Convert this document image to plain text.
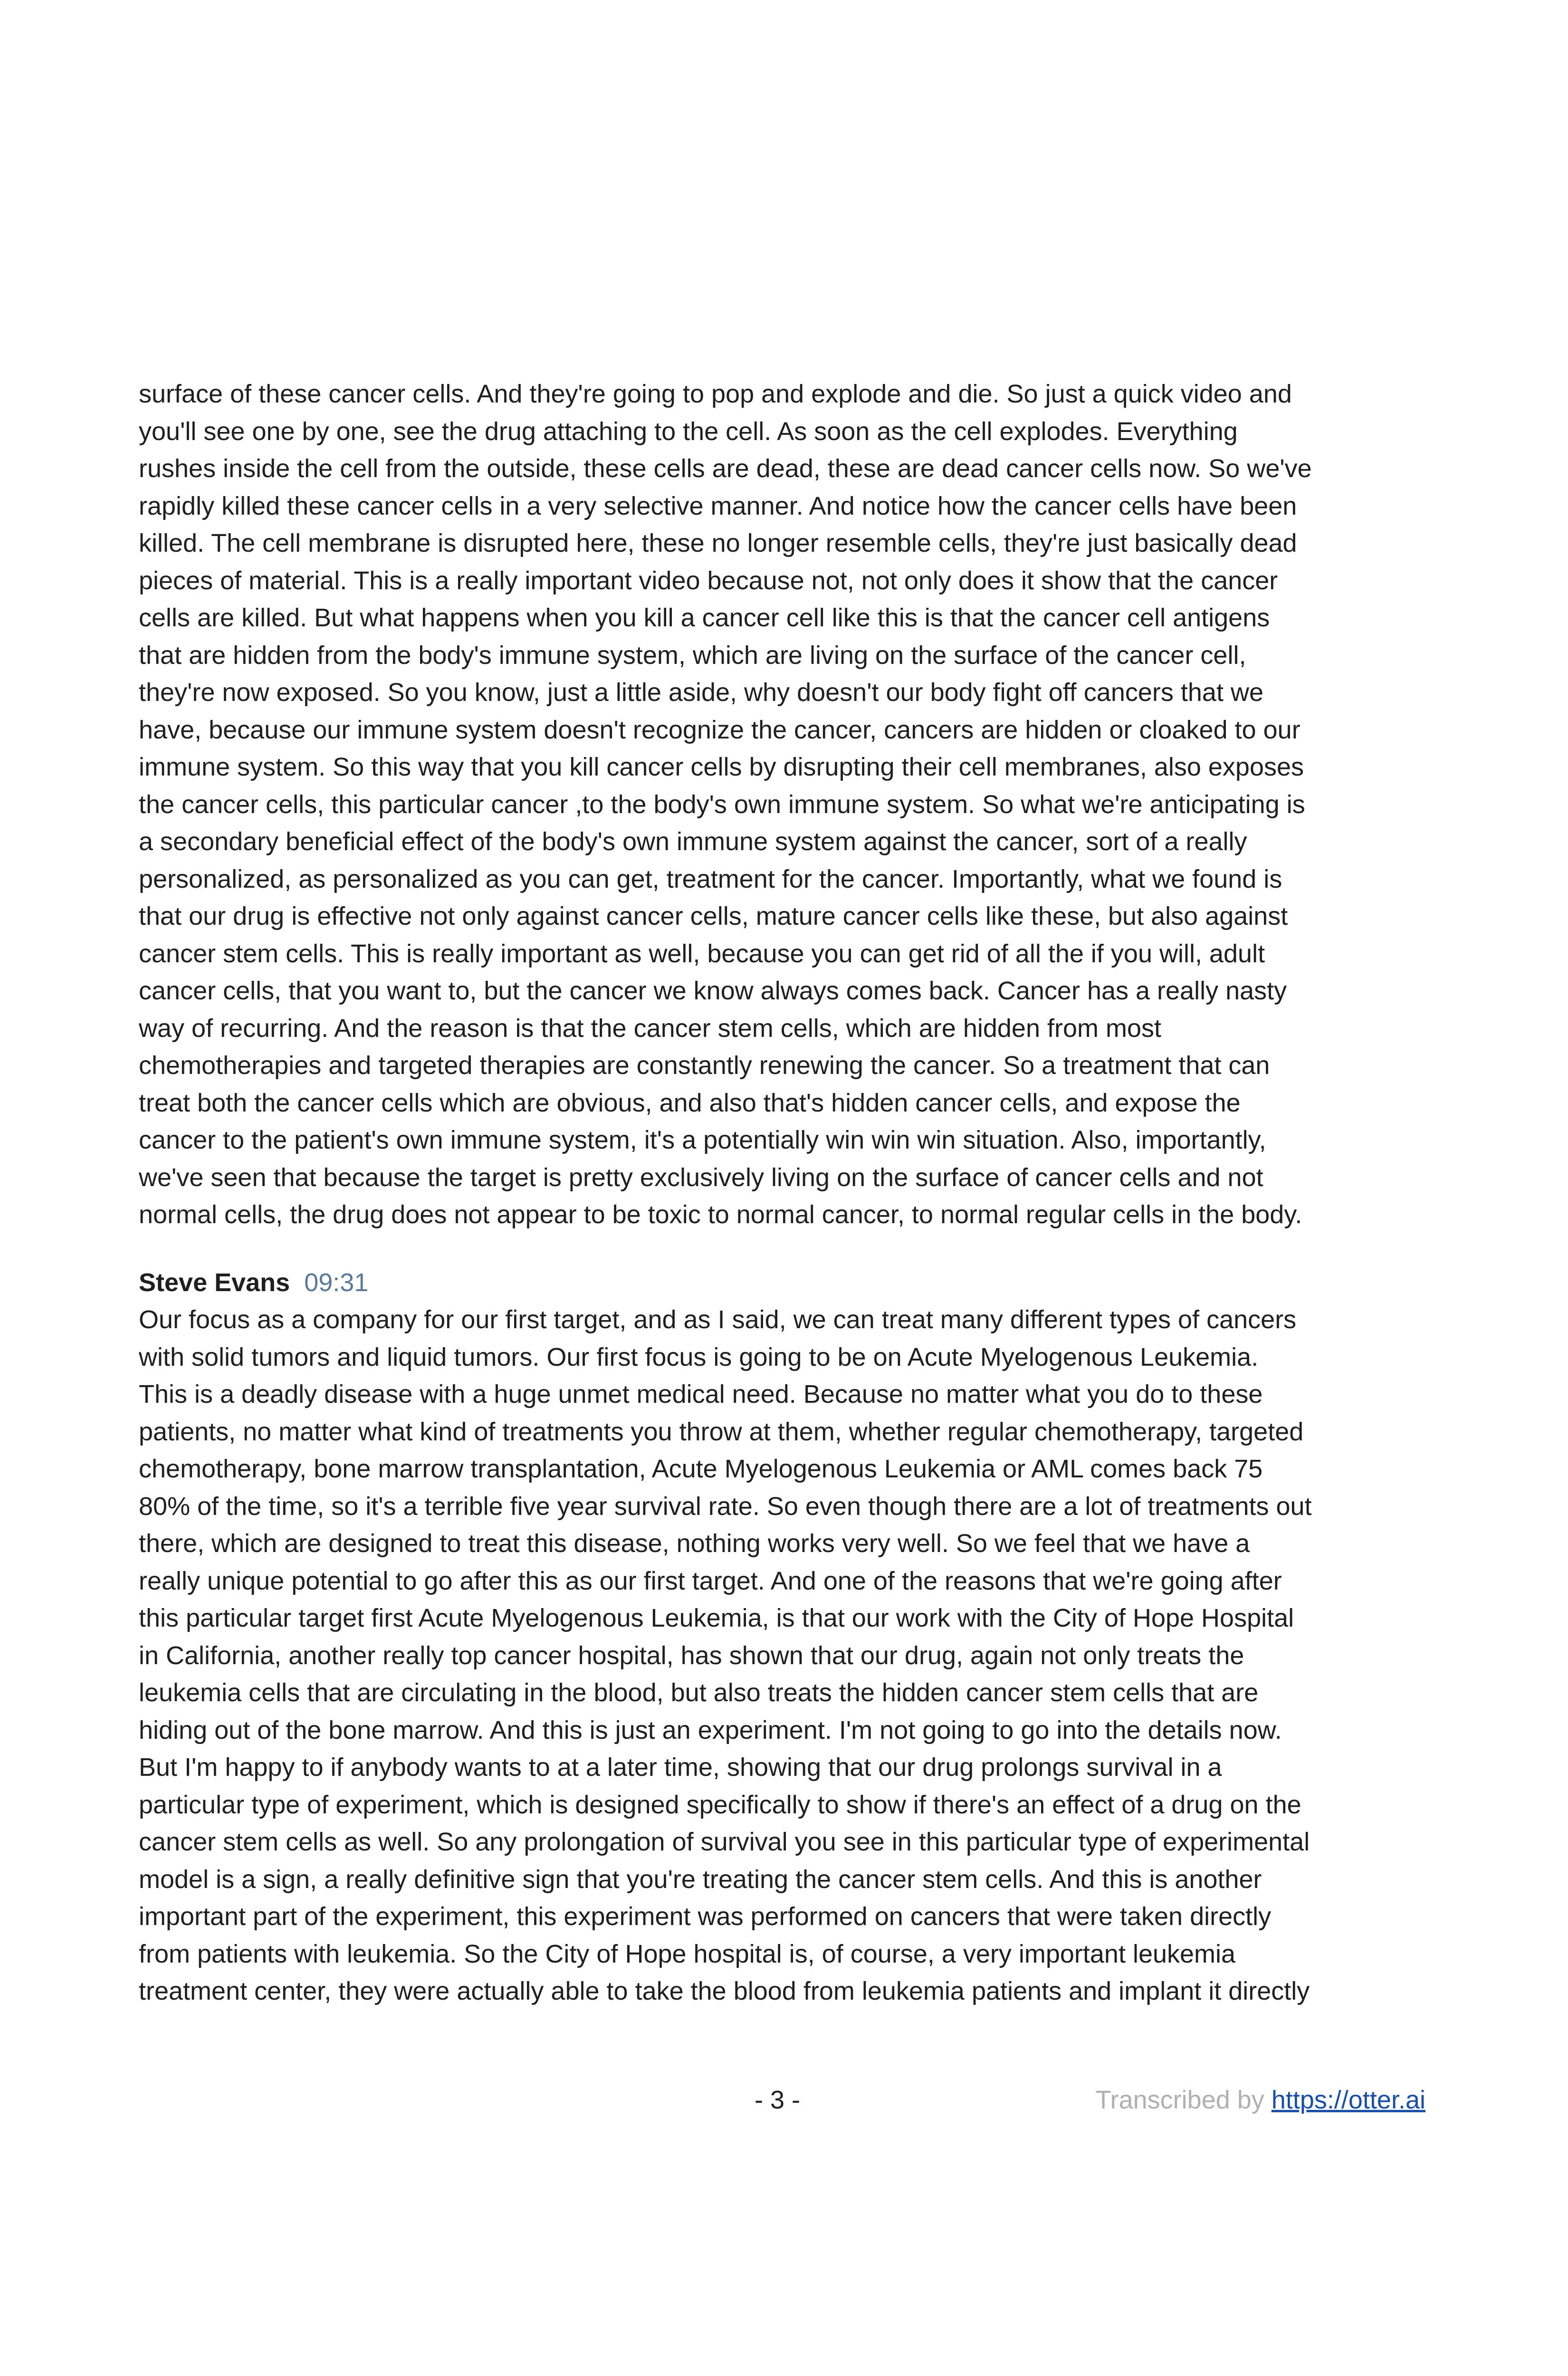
surface of these cancer cells. And they're going to pop and explode and die. So just a quick video and
you'll see one by one, see the drug attaching to the cell. As soon as the cell explodes. Everything
rushes inside the cell from the outside, these cells are dead, these are dead cancer cells now. So we've
rapidly killed these cancer cells in a very selective manner. And notice how the cancer cells have been
killed. The cell membrane is disrupted here, these no longer resemble cells, they're just basically dead
pieces of material. This is a really important video because not, not only does it show that the cancer
cells are killed. But what happens when you kill a cancer cell like this is that the cancer cell antigens
that are hidden from the body's immune system, which are living on the surface of the cancer cell,
they're now exposed. So you know, just a little aside, why doesn't our body fight off cancers that we
have, because our immune system doesn't recognize the cancer, cancers are hidden or cloaked to our
immune system. So this way that you kill cancer cells by disrupting their cell membranes, also exposes
the cancer cells, this particular cancer ,to the body's own immune system. So what we're anticipating is
a secondary beneficial effect of the body's own immune system against the cancer, sort of a really
personalized, as personalized as you can get, treatment for the cancer. Importantly, what we found is
that our drug is effective not only against cancer cells, mature cancer cells like these, but also against
cancer stem cells. This is really important as well, because you can get rid of all the if you will, adult
cancer cells, that you want to, but the cancer we know always comes back. Cancer has a really nasty
way of recurring. And the reason is that the cancer stem cells, which are hidden from most
chemotherapies and targeted therapies are constantly renewing the cancer. So a treatment that can
treat both the cancer cells which are obvious, and also that's hidden cancer cells, and expose the
cancer to the patient's own immune system, it's a potentially win win win situation. Also, importantly,
we've seen that because the target is pretty exclusively living on the surface of cancer cells and not
normal cells, the drug does not appear to be toxic to normal cancer, to normal regular cells in the body.
Steve Evans 09:31
Our focus as a company for our first target, and as I said, we can treat many different types of cancers
with solid tumors and liquid tumors. Our first focus is going to be on Acute Myelogenous Leukemia.
This is a deadly disease with a huge unmet medical need. Because no matter what you do to these
patients, no matter what kind of treatments you throw at them, whether regular chemotherapy, targeted
chemotherapy, bone marrow transplantation, Acute Myelogenous Leukemia or AML comes back 75
80% of the time, so it's a terrible five year survival rate. So even though there are a lot of treatments out
there, which are designed to treat this disease, nothing works very well. So we feel that we have a
really unique potential to go after this as our first target. And one of the reasons that we're going after
this particular target first Acute Myelogenous Leukemia, is that our work with the City of Hope Hospital
in California, another really top cancer hospital, has shown that our drug, again not only treats the
leukemia cells that are circulating in the blood, but also treats the hidden cancer stem cells that are
hiding out of the bone marrow. And this is just an experiment. I'm not going to go into the details now.
But I'm happy to if anybody wants to at a later time, showing that our drug prolongs survival in a
particular type of experiment, which is designed specifically to show if there's an effect of a drug on the
cancer stem cells as well. So any prolongation of survival you see in this particular type of experimental
model is a sign, a really definitive sign that you're treating the cancer stem cells. And this is another
important part of the experiment, this experiment was performed on cancers that were taken directly
from patients with leukemia. So the City of Hope hospital is, of course, a very important leukemia
treatment center, they were actually able to take the blood from leukemia patients and implant it directly
- 3 -	Transcribed by https://otter.ai
